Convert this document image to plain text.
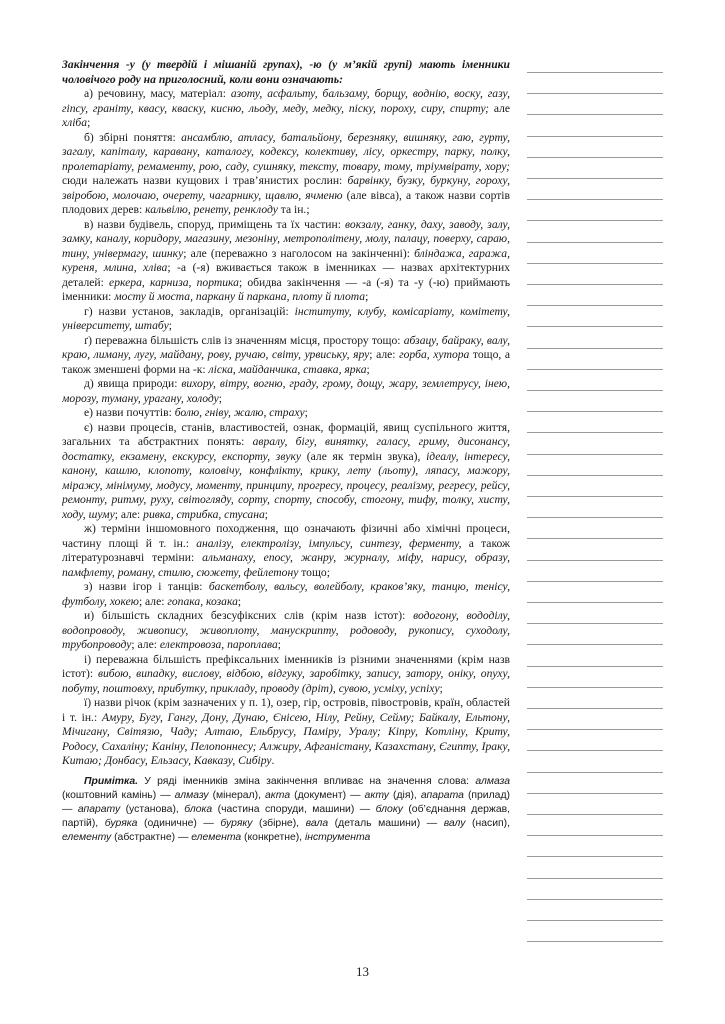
Закінчення -у (у твердій і мішаній групах), -ю (у м’якій групі) мають іменники чоловічого роду на приголосний, коли вони означають:

а) речовину, масу, матеріал: азоту, асфальту, бальзаму, борщу, воднію, воску, газу, гіпсу, граніту, квасу, кваску, кисню, льоду, меду, медку, піску, пороху, сиру, спирту; але хліба;

б) збірні поняття: ансамблю, атласу, батальйону, березняку, вишняку, гаю, гурту, загалу, капіталу, каравану, каталогу, кодексу, колективу, лісу, оркестру, парку, полку, пролетаріату, ремаменту, рою, саду, сушняку, тексту, товару, тому, тріумвірату, хору; сюди належать назви кущових і трав’янистих рослин: барвінку, бузку, буркуну, гороху, звіробою, молочаю, очерету, чагарнику, щавлю, ячменю (але вівса), а також назви сортів плодових дерев: кальвілю, ренету, ренклоду та ін.;

в) назви будівель, споруд, приміщень та їх частин: вокзалу, ганку, даху, заводу, залу, замку, каналу, коридору, магазину, мезоніну, метрополітену, молу, палацу, поверху, сараю, тину, універмагу, шинку; але (переважно з наголосом на закінченні): бліндажа, гаража, куреня, млина, хліва; -а (-я) вживається також в іменниках — назвах архітектурних деталей: еркера, карниза, портика; обидва закінчення — -а (-я) та -у (-ю) приймають іменники: мосту й моста, паркану й паркана, плоту й плота;

г) назви установ, закладів, організацій: інституту, клубу, комісаріату, комітету, університету, штабу;

ґ) переважна більшість слів із значенням місця, простору тощо: абзацу, байраку, валу, краю, лиману, лугу, майдану, рову, ручаю, світу, урвиську, яру; але: горба, хутора тощо, а також зменшені форми на -к: ліска, майданчика, ставка, ярка;

д) явища природи: вихору, вітру, вогню, граду, грому, дощу, жару, землетрусу, інею, морозу, туману, урагану, холоду;

е) назви почуттів: болю, гніву, жалю, страху;

є) назви процесів, станів, властивостей, ознак, формацій, явищ суспільного життя, загальних та абстрактних понять: авралу, бігу, винятку, галасу, гриму, дисонансу, достатку, екзамену, екскурсу, експорту, звуку (але як термін звука), ідеалу, інтересу, канону, кашлю, клопоту, коловічу, конфлікту, крику, лету (льоту), ляпасу, мажору, міражу, мінімуму, модусу, моменту, принципу, прогресу, процесу, реалізму, регресу, рейсу, ремонту, ритму, руху, світогляду, сорту, спорту, способу, стогону, тифу, толку, хисту, ходу, шуму; але: ривка, стрибка, стусана;

ж) терміни іншомовного походження, що означають фізичні або хімічні процеси, частину площі й т. ін.: аналізу, електролізу, імпульсу, синтезу, ферменту, а також літературознавчі терміни: альманаху, епосу, жанру, журналу, міфу, нарису, образу, памфлету, роману, стилю, сюжету, фейлетону тощо;

з) назви ігор і танців: баскетболу, вальсу, волейболу, краков’яку, танцю, тенісу, футболу, хокею; але: гопака, козака;

и) більшість складних безсуфіксних слів (крім назв істот): водогону, вододілу, водопроводу, живопису, живоплоту, манускрипту, родоводу, рукопису, суходолу, трубопроводу; але: електровоза, пароплава;

і) переважна більшість префіксальних іменників із різними значеннями (крім назв істот): вибою, випадку, вислову, відбою, відгуку, заробітку, запису, затору, оніку, опуху, побуту, поштовху, прибутку, прикладу, проводу (дріт), сувою, усміху, успіху;

ї) назви річок (крім зазначених у п. 1), озер, гір, островів, півостровів, країн, областей і т. ін.: Амуру, Бугу, Гангу, Дону, Дунаю, Єнісею, Нілу, Рейну, Сейму; Байкалу, Ельтону, Мічигану, Світязю, Чаду; Алтаю, Ельбрусу, Паміру, Уралу; Кіпру, Котліну, Криту, Родосу, Сахаліну; Каніну, Пелопоннесу; Алжиру, Афганістану, Казахстану, Єгипту, Іраку, Китаю; Донбасу, Ельзасу, Кавказу, Сибіру.

Примітка. У ряді іменників зміна закінчення впливає на значення слова: алмаза (коштовний камінь) — алмазу (мінерал), акта (документ) — акту (дія), апарата (прилад) — апарату (установа), блока (частина споруди, машини) — блоку (об’єднання держав, партій), буряка (одиничне) — буряку (збірне), вала (деталь машини) — валу (насип), елементу (абстрактне) — елемента (конкретне), інструмента

13
